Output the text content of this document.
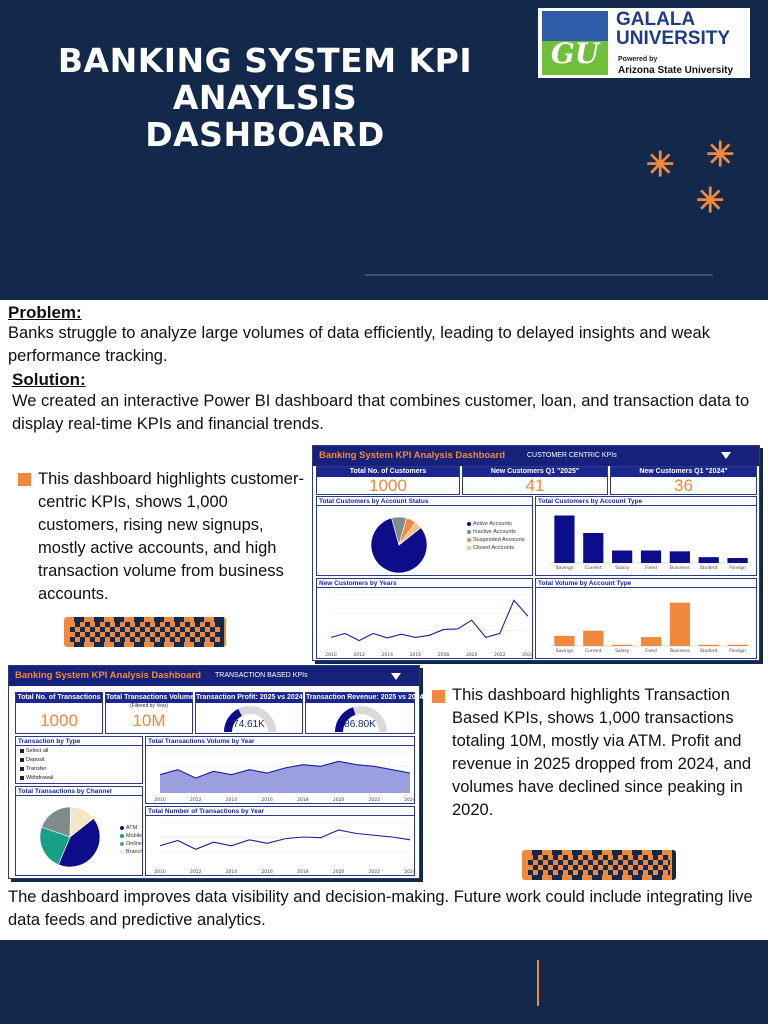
BANKING SYSTEM KPI
ANAYLSIS
DASHBOARD
GU
GALALA
UNIVERSITY
Powered by
Arizona State University
✳ ✳
✳
Problem:
Banks struggle to analyze large volumes of data efficiently, leading to delayed insights and weak performance tracking.
Solution:
We created an interactive Power BI dashboard that combines customer, loan, and transaction data to display real-time KPIs and financial trends.
This dashboard highlights customer-centric KPIs, shows 1,000 customers, rising new signups, mostly active accounts, and high transaction volume from business accounts.
Banking System KPI Analysis Dashboard	CUSTOMER CENTRIC KPIs
Total No. of Customers
1000
New Customers Q1 "2025"
41
New Customers Q1 "2024"
36
Total Customers by Account Status
Active Accounts
Inactive Accounts
Suspended Accounts
Closed Accounts
Total Customers by Account Type
Savings	Current	Salary	Fixed	Business Student	Foreign
New Customers by Years
2010	2012	2014	2016	2018	2020	2022	2024
Total Volume by Account Type
Savings	Current	Salary	Fixed	Business Student	Foreign
Banking System KPI Analysis Dashboard TRANSACTION BASED KPIs
Total No. of Transactions
1000
Total Transactions Volume
(Filtered by Year)
10M
Transaction Profit: 2025 vs 2024
74.61K
Transaction Revenue: 2025 vs 2024
86.80K
Transaction by Type
Select all
Deposit
Transfer
Withdrawal
Total Transactions by Channel
ATM
Mobile
Online
Branch
Total Transactions Volume by Year
2010	2012	2014	2016	2018	2020	2022	2024
Total Number of Transactions by Year
2010	2012	2014	2016	2018	2020	2022	2024
This dashboard highlights Transaction Based KPIs, shows 1,000 transactions totaling 10M, mostly via ATM. Profit and revenue in 2025 dropped from 2024, and volumes have declined since peaking in 2020.
The dashboard improves data visibility and decision-making. Future work could include integrating live data feeds and predictive analytics.
